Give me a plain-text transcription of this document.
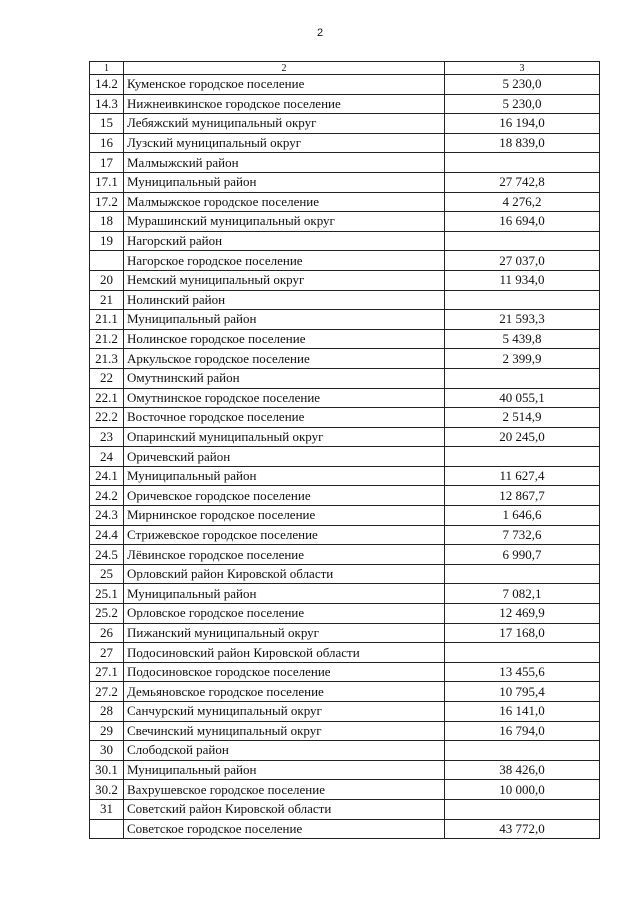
2
1	2	3
14.2	Куменское городское поселение	5 230,0
14.3	Нижнеивкинское городское поселение	5 230,0
15	Лебяжский муниципальный округ	16 194,0
16	Лузский муниципальный округ	18 839,0
17	Малмыжский район	
17.1	Муниципальный район	27 742,8
17.2	Малмыжское городское поселение	4 276,2
18	Мурашинский муниципальный округ	16 694,0
19	Нагорский район	
	Нагорское городское поселение	27 037,0
20	Немский муниципальный округ	11 934,0
21	Нолинский район	
21.1	Муниципальный район	21 593,3
21.2	Нолинское городское поселение	5 439,8
21.3	Аркульское городское поселение	2 399,9
22	Омутнинский район	
22.1	Омутнинское городское поселение	40 055,1
22.2	Восточное городское поселение	2 514,9
23	Опаринский муниципальный округ	20 245,0
24	Оричевский район	
24.1	Муниципальный район	11 627,4
24.2	Оричевское городское поселение	12 867,7
24.3	Мирнинское городское поселение	1 646,6
24.4	Стрижевское городское поселение	7 732,6
24.5	Лёвинское городское поселение	6 990,7
25	Орловский район Кировской области	
25.1	Муниципальный район	7 082,1
25.2	Орловское городское поселение	12 469,9
26	Пижанский муниципальный округ	17 168,0
27	Подосиновский район Кировской области	
27.1	Подосиновское городское поселение	13 455,6
27.2	Демьяновское городское поселение	10 795,4
28	Санчурский муниципальный округ	16 141,0
29	Свечинский муниципальный округ	16 794,0
30	Слободской район	
30.1	Муниципальный район	38 426,0
30.2	Вахрушевское городское поселение	10 000,0
31	Советский район Кировской области	
	Советское городское поселение	43 772,0
